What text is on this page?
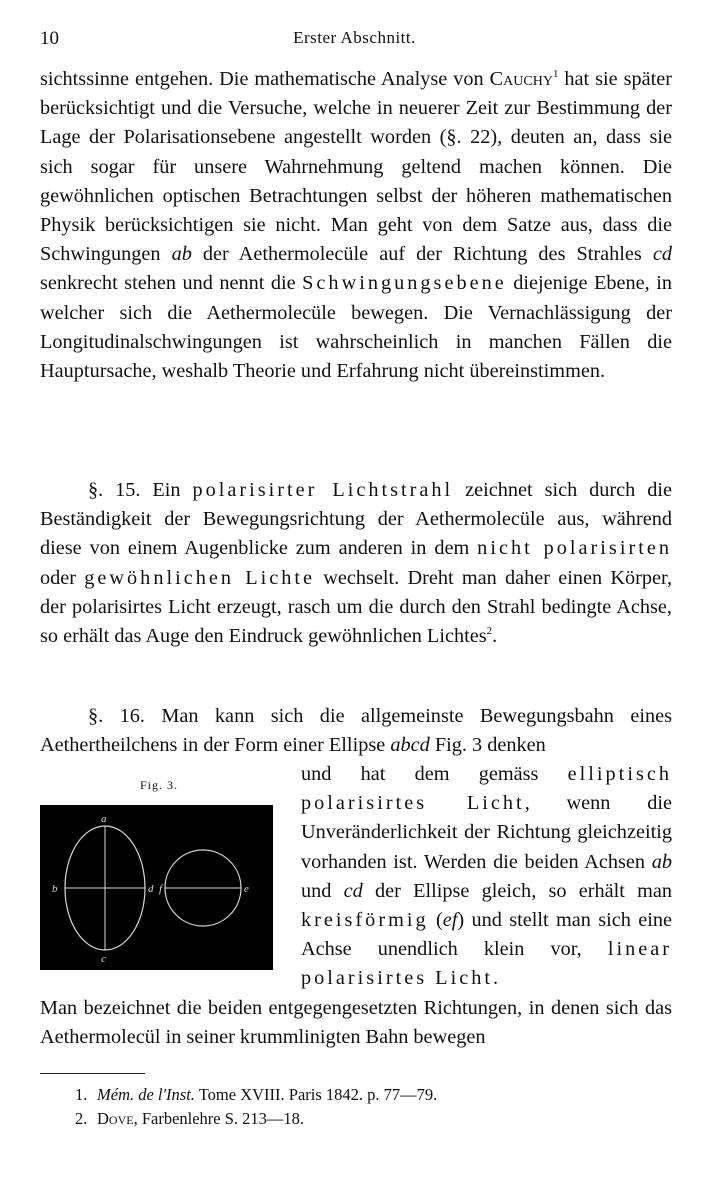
10	Erster Abschnitt.
sichtssinne entgehen. Die mathematische Analyse von Cauchy$^1$ hat sie später berücksichtigt und die Versuche, welche in neuerer Zeit zur Bestimmung der Lage der Polarisationsebene angestellt worden (§. 22), deuten an, dass sie sich sogar für unsere Wahrnehmung geltend machen können. Die gewöhnlichen optischen Betrachtungen selbst der höheren mathematischen Physik berücksichtigen sie nicht. Man geht von dem Satze aus, dass die Schwingungen ab der Aethermolecüle auf der Richtung des Strahles cd senkrecht stehen und nennt die Schwingungsebene diejenige Ebene, in welcher sich die Aethermolecüle bewegen. Die Vernachlässigung der Longitudinalschwingungen ist wahrscheinlich in manchen Fällen die Hauptursache, weshalb Theorie und Erfahrung nicht übereinstimmen.
§. 15. Ein polarisirter Lichtstrahl zeichnet sich durch die Beständigkeit der Bewegungsrichtung der Aethermolecüle aus, während diese von einem Augenblicke zum anderen in dem nicht polarisirten oder gewöhnlichen Lichte wechselt. Dreht man daher einen Körper, der polarisirtes Licht erzeugt, rasch um die durch den Strahl bedingte Achse, so erhält das Auge den Eindruck gewöhnlichen Lichtes$^2$.
§. 16. Man kann sich die allgemeinste Bewegungsbahn eines Aethertheilchens in der Form einer Ellipse abcd Fig. 3 denken
Fig. 3.
a
b
c
d f	e
und hat dem gemäss elliptisch polarisirtes Licht, wenn die Unveränderlichkeit der Richtung gleichzeitig vorhanden ist. Werden die beiden Achsen ab und cd der Ellipse gleich, so erhält man kreisförmig (ef) und stellt man sich eine Achse unendlich klein vor, linear polarisirtes Licht.
Man bezeichnet die beiden entgegengesetzten Richtungen, in denen sich das Aethermolecül in seiner krummlinigten Bahn bewegen
1. Mém. de l'Inst. Tome XVIII. Paris 1842. p. 77—79.
2. Dove, Farbenlehre S. 213—18.
